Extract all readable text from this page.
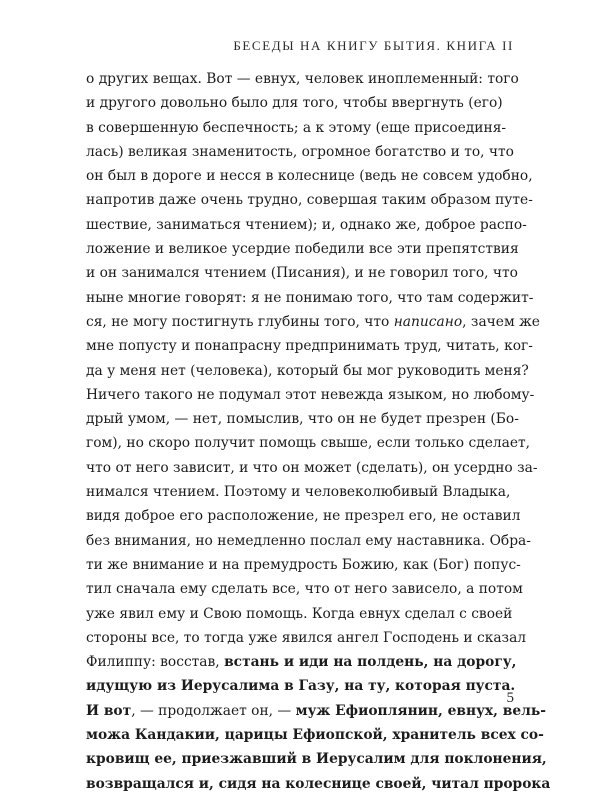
БЕСЕДЫ НА КНИГУ БЫТИЯ. КНИГА II
о других вещах. Вот — евнух, человек иноплеменный: того
и другого довольно было для того, чтобы ввергнуть (его)
в совершенную беспечность; а к этому (еще присоединя-
лась) великая знаменитость, огромное богатство и то, что
он был в дороге и несся в колеснице (ведь не совсем удобно,
напротив даже очень трудно, совершая таким образом путе-
шествие, заниматься чтением); и, однако же, доброе распо-
ложение и великое усердие победили все эти препятствия
и он занимался чтением (Писания), и не говорил того, что
ныне многие говорят: я не понимаю того, что там содержит-
ся, не могу постигнуть глубины того, что написано, зачем же
мне попусту и понапрасну предпринимать труд, читать, ког-
да у меня нет (человека), который бы мог руководить меня?
Ничего такого не подумал этот невежда языком, но любому-
дрый умом, — нет, помыслив, что он не будет презрен (Бо-
гом), но скоро получит помощь свыше, если только сделает,
что от него зависит, и что он может (сделать), он усердно за-
нимался чтением. Поэтому и человеколюбивый Владыка,
видя доброе его расположение, не презрел его, не оставил
без внимания, но немедленно послал ему наставника. Обра-
ти же внимание и на премудрость Божию, как (Бог) попус-
тил сначала ему сделать все, что от него зависело, а потом
уже явил ему и Свою помощь. Когда евнух сделал с своей
стороны все, то тогда уже явился ангел Господень и сказал
Филиппу: восстав, встань и иди на полдень, на дорогу,
идущую из Иерусалима в Газу, на ту, которая пуста.
И вот, — продолжает он, — муж Ефиоплянин, евнух, вель-
можа Кандакии, царицы Ефиопской, хранитель всех со-
кровищ ее, приезжавший в Иерусалим для поклонения,
возвращался и, сидя на колеснице своей, читал пророка
5
